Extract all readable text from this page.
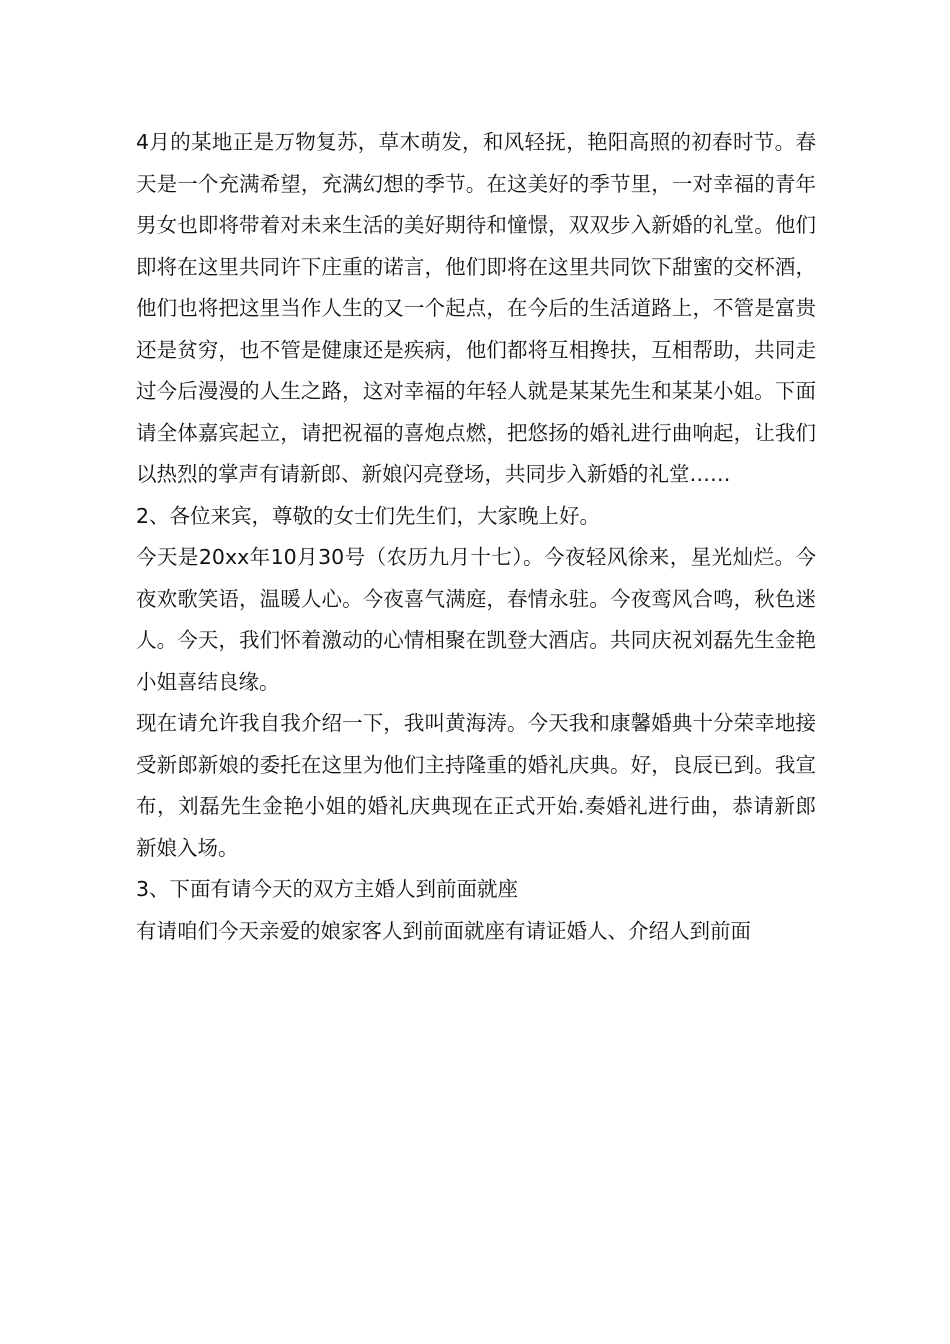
4月的某地正是万物复苏，草木萌发，和风轻抚，艳阳高照的初春时节。春天是一个充满希望，充满幻想的季节。在这美好的季节里，一对幸福的青年男女也即将带着对未来生活的美好期待和憧憬，双双步入新婚的礼堂。他们即将在这里共同许下庄重的诺言，他们即将在这里共同饮下甜蜜的交杯酒，他们也将把这里当作人生的又一个起点，在今后的生活道路上，不管是富贵还是贫穷，也不管是健康还是疾病，他们都将互相搀扶，互相帮助，共同走过今后漫漫的人生之路，这对幸福的年轻人就是某某先生和某某小姐。下面请全体嘉宾起立，请把祝福的喜炮点燃，把悠扬的婚礼进行曲响起，让我们以热烈的掌声有请新郎、新娘闪亮登场，共同步入新婚的礼堂……

2、各位来宾，尊敬的女士们先生们，大家晚上好。

今天是20xx年10月30号（农历九月十七）。今夜轻风徐来，星光灿烂。今夜欢歌笑语，温暖人心。今夜喜气满庭，春情永驻。今夜鸾风合鸣，秋色迷人。今天，我们怀着激动的心情相聚在凯登大酒店。共同庆祝刘磊先生金艳小姐喜结良缘。

现在请允许我自我介绍一下，我叫黄海涛。今天我和康馨婚典十分荣幸地接受新郎新娘的委托在这里为他们主持隆重的婚礼庆典。好，良辰已到。我宣布，刘磊先生金艳小姐的婚礼庆典现在正式开始.奏婚礼进行曲，恭请新郎新娘入场。

3、下面有请今天的双方主婚人到前面就座

有请咱们今天亲爱的娘家客人到前面就座有请证婚人、介绍人到前面
